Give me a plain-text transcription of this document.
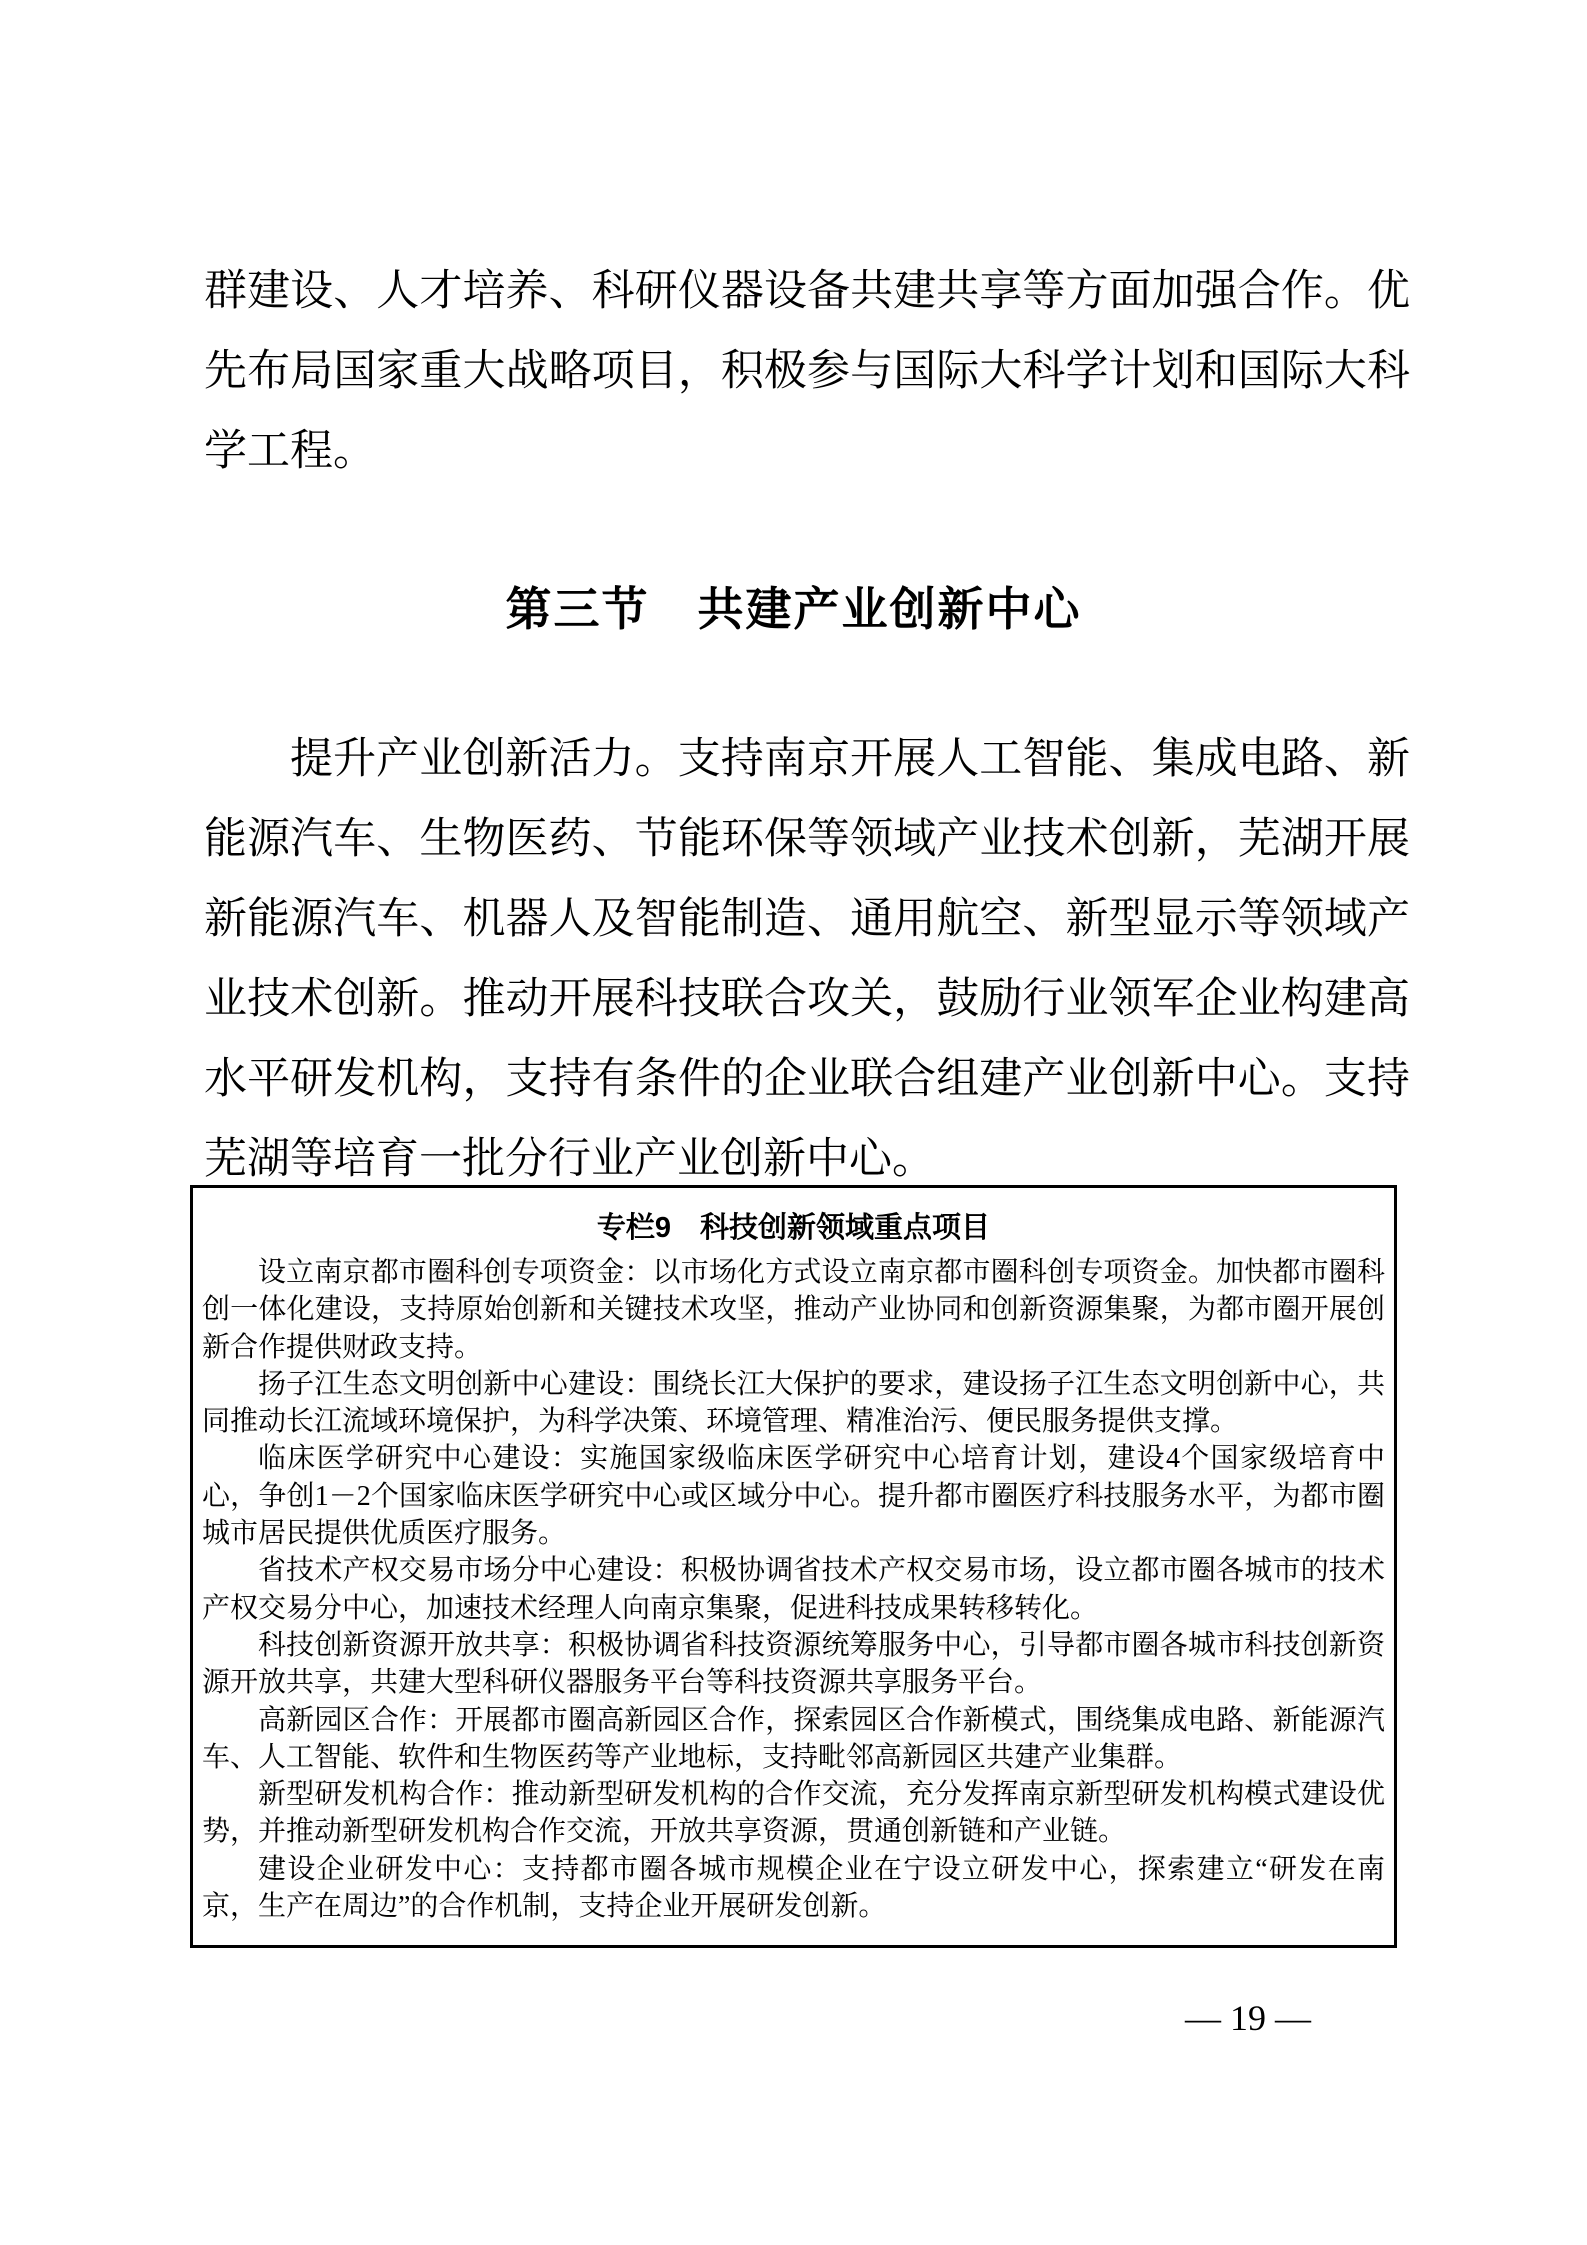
群建设、人才培养、科研仪器设备共建共享等方面加强合作。优先布局国家重大战略项目，积极参与国际大科学计划和国际大科学工程。

第三节　共建产业创新中心

提升产业创新活力。支持南京开展人工智能、集成电路、新能源汽车、生物医药、节能环保等领域产业技术创新，芜湖开展新能源汽车、机器人及智能制造、通用航空、新型显示等领域产业技术创新。推动开展科技联合攻关，鼓励行业领军企业构建高水平研发机构，支持有条件的企业联合组建产业创新中心。支持芜湖等培育一批分行业产业创新中心。

专栏9　科技创新领域重点项目

设立南京都市圈科创专项资金：以市场化方式设立南京都市圈科创专项资金。加快都市圈科创一体化建设，支持原始创新和关键技术攻坚，推动产业协同和创新资源集聚，为都市圈开展创新合作提供财政支持。

扬子江生态文明创新中心建设：围绕长江大保护的要求，建设扬子江生态文明创新中心，共同推动长江流域环境保护，为科学决策、环境管理、精准治污、便民服务提供支撑。

临床医学研究中心建设：实施国家级临床医学研究中心培育计划，建设4个国家级培育中心，争创1－2个国家临床医学研究中心或区域分中心。提升都市圈医疗科技服务水平，为都市圈城市居民提供优质医疗服务。

省技术产权交易市场分中心建设：积极协调省技术产权交易市场，设立都市圈各城市的技术产权交易分中心，加速技术经理人向南京集聚，促进科技成果转移转化。

科技创新资源开放共享：积极协调省科技资源统筹服务中心，引导都市圈各城市科技创新资源开放共享，共建大型科研仪器服务平台等科技资源共享服务平台。

高新园区合作：开展都市圈高新园区合作，探索园区合作新模式，围绕集成电路、新能源汽车、人工智能、软件和生物医药等产业地标，支持毗邻高新园区共建产业集群。

新型研发机构合作：推动新型研发机构的合作交流，充分发挥南京新型研发机构模式建设优势，并推动新型研发机构合作交流，开放共享资源，贯通创新链和产业链。

建设企业研发中心：支持都市圈各城市规模企业在宁设立研发中心，探索建立“研发在南京，生产在周边”的合作机制，支持企业开展研发创新。

— 19 —
